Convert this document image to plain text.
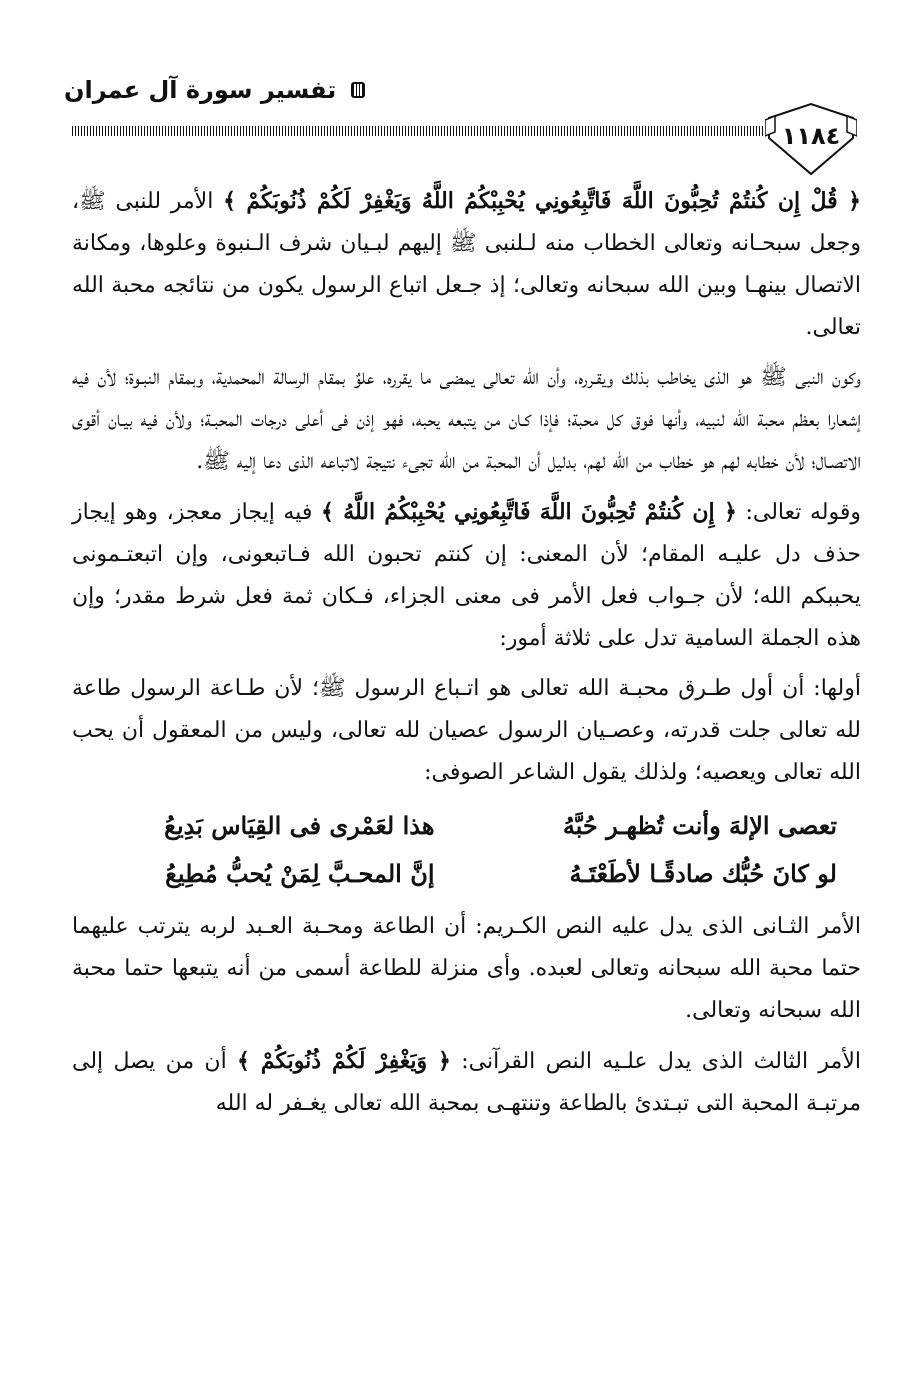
تفسير سورة آل عمران
١١٨٤

﴿ قُلْ إِن كُنتُمْ تُحِبُّونَ اللَّهَ فَاتَّبِعُونِي يُحْبِبْكُمُ اللَّهُ وَيَغْفِرْ لَكُمْ ذُنُوبَكُمْ ﴾ الأمر للنبى ﷺ، وجعل سبحـانه وتعالى الخطاب منه لـلنبى ﷺ إليهم لبـيان شرف الـنبوة وعلوها، ومكانة الاتصال بينهـا وبين الله سبحانه وتعالى؛ إذ جـعل اتباع الرسول يكون من نتائجه محبة الله تعالى.

وكون النبى ﷺ هو الذى يخاطب بذلك ويقـرره، وأن الله تعالى يمضى ما يقرره، علوٌ بمقام الرسالة المحمدية، وبمقام النبـوة؛ لأن فيه إشعارا بعظم محبة الله لنبيه، وأنها فوق كل محبة؛ فإذا كـان من يتبعه يحبه، فهو إذن فى أعلى درجات المحبـة؛ ولأن فيه بيـان أقوى الاتصـال؛ لأن خطابه لهم هو خطاب من الله لهم، بدليل أن المحبة من الله تجىء نتيجة لاتباعه الذى دعا إليه ﷺ.

وقوله تعالى: ﴿ إِن كُنتُمْ تُحِبُّونَ اللَّهَ فَاتَّبِعُونِي يُحْبِبْكُمُ اللَّهُ ﴾ فيه إيجاز معجز، وهو إيجاز حذف دل عليـه المقام؛ لأن المعنى: إن كنتم تحبون الله فـاتبعونى، وإن اتبعتـمونى يحببكم الله؛ لأن جـواب فعل الأمر فى معنى الجزاء، فـكان ثمة فعل شرط مقدر؛ وإن هذه الجملة السامية تدل على ثلاثة أمور:

أولها: أن أول طـرق محبـة الله تعالى هو اتـباع الرسول ﷺ؛ لأن طـاعة الرسول طاعة لله تعالى جلت قدرته، وعصـيان الرسول عصيان لله تعالى، وليس من المعقول أن يحب الله تعالى ويعصيه؛ ولذلك يقول الشاعر الصوفى:

تعصى الإلهَ وأنت تُظهـر حُبَّهُ
هذا لعَمْرى فى القِيَاس بَدِيعُ
لو كانَ حُبُّك صادقًـا لأطَعْتَـهُ
إنَّ المحـبَّ لِمَنْ يُحبُّ مُطِيعُ

الأمر الثـانى الذى يدل عليه النص الكـريم: أن الطاعة ومحـبة العـبد لربه يترتب عليهما حتما محبة الله سبحانه وتعالى لعبده. وأى منزلة للطاعة أسمى من أنه يتبعها حتما محبة الله سبحانه وتعالى.

الأمر الثالث الذى يدل علـيه النص القرآنى: ﴿ وَيَغْفِرْ لَكُمْ ذُنُوبَكُمْ ﴾ أن من يصل إلى مرتبـة المحبة التى تبـتدئ بالطاعة وتنتهـى بمحبة الله تعالى يغـفر له الله
